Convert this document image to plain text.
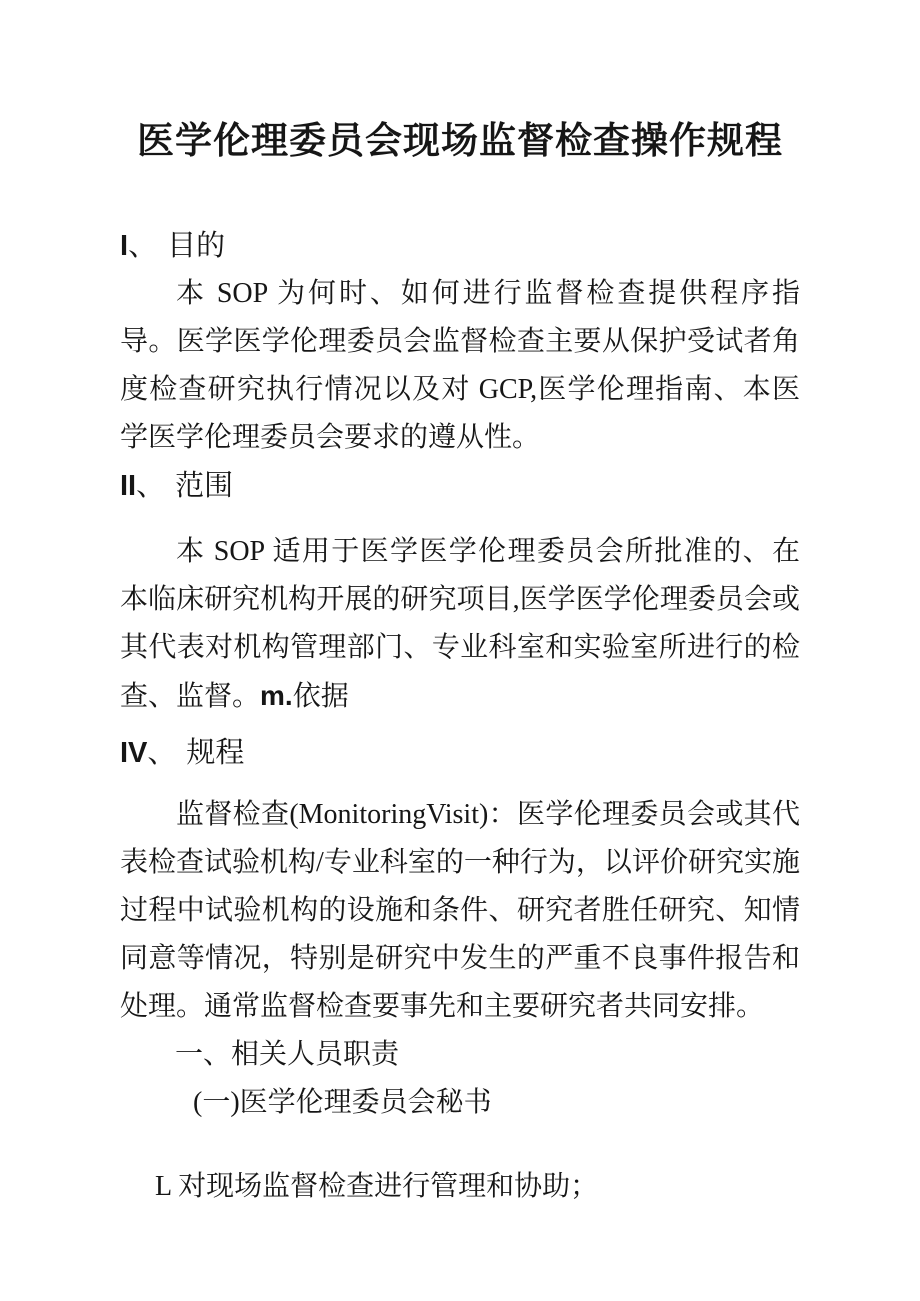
医学伦理委员会现场监督检查操作规程
I、 目的

本 SOP 为何时、如何进行监督检查提供程序指导。医学医学伦理委员会监督检查主要从保护受试者角度检查研究执行情况以及对 GCP,医学伦理指南、本医学医学伦理委员会要求的遵从性。

II、 范围

本 SOP 适用于医学医学伦理委员会所批准的、在本临床研究机构开展的研究项目,医学医学伦理委员会或其代表对机构管理部门、专业科室和实验室所进行的检查、监督。m.依据

IV、 规程

监督检查(MonitoringVisit)：医学伦理委员会或其代表检查试验机构/专业科室的一种行为，以评价研究实施过程中试验机构的设施和条件、研究者胜任研究、知情同意等情况，特别是研究中发生的严重不良事件报告和处理。通常监督检查要事先和主要研究者共同安排。

一、相关人员职责

(一)医学伦理委员会秘书

L 对现场监督检查进行管理和协助；
